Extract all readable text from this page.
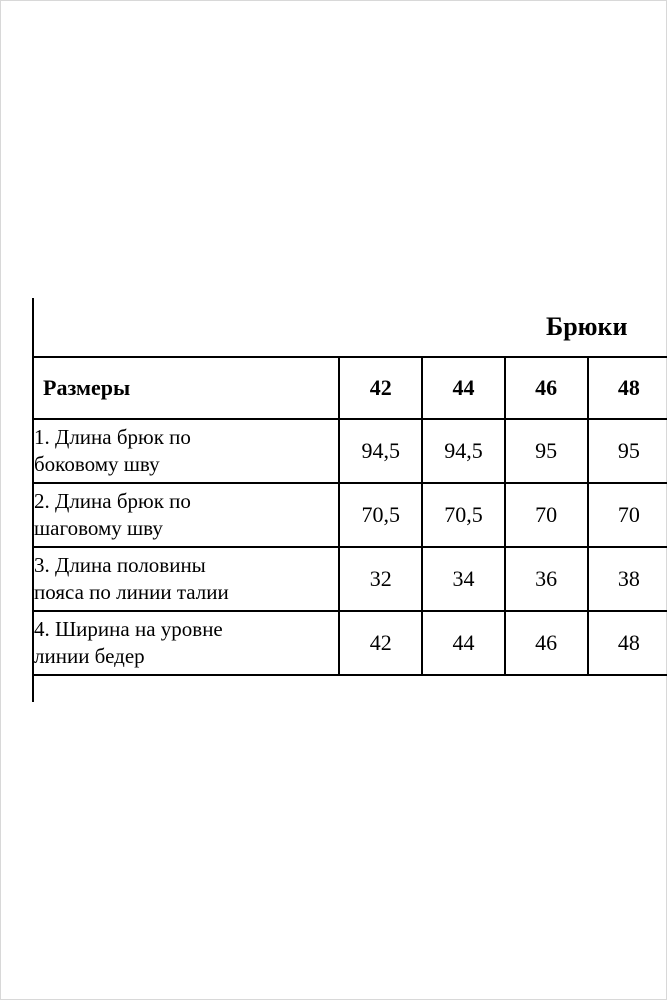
Брюки
Размеры	42	44	46	48	

1. Длина брюк по
боковому шву	94,5	94,5	95	95	

2. Длина брюк по
шаговому шву	70,5	70,5	70	70	

3. Длина половины
пояса по линии талии	32	34	36	38	

4. Ширина на уровне
линии бедер	42	44	46	48	
